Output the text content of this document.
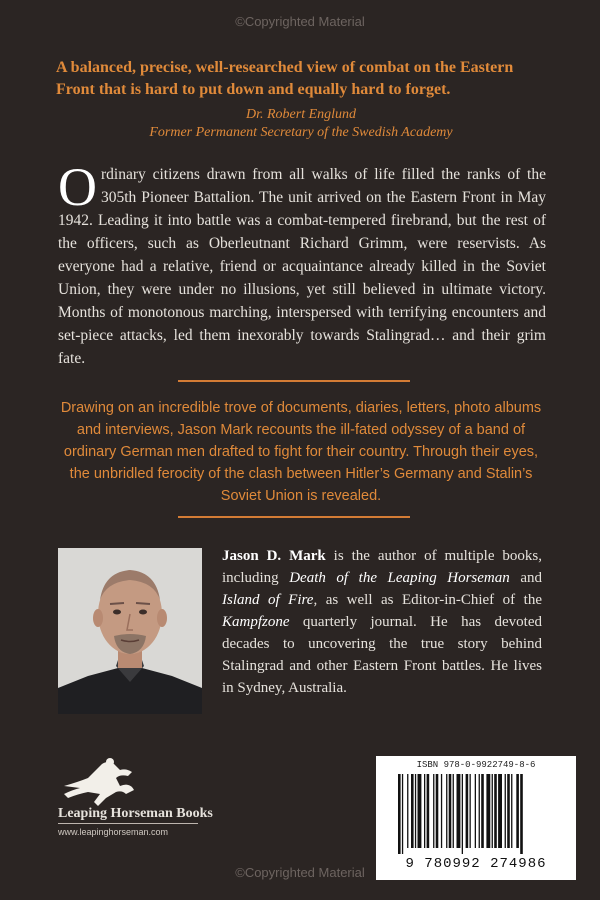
©Copyrighted Material
A balanced, precise, well-researched view of combat on the Eastern Front that is hard to put down and equally hard to forget.
Dr. Robert Englund
Former Permanent Secretary of the Swedish Academy

Ordinary citizens drawn from all walks of life filled the ranks of the 305th Pioneer Battalion. The unit arrived on the Eastern Front in May 1942. Leading it into battle was a combat-tempered firebrand, but the rest of the officers, such as Oberleutnant Richard Grimm, were reservists. As everyone had a relative, friend or acquaintance already killed in the Soviet Union, they were under no illusions, yet still believed in ultimate victory. Months of monotonous marching, interspersed with terrifying encounters and set-piece attacks, led them inexorably towards Stalingrad… and their grim fate.

Drawing on an incredible trove of documents, diaries, letters, photo albums and interviews, Jason Mark recounts the ill-fated odyssey of a band of ordinary German men drafted to fight for their country. Through their eyes, the unbridled ferocity of the clash between Hitler’s Germany and Stalin’s Soviet Union is revealed.

Jason D. Mark is the author of multiple books, including Death of the Leaping Horseman and Island of Fire, as well as Editor-in-Chief of the Kampfzone quarterly journal. He has devoted decades to uncovering the true story behind Stalingrad and other Eastern Front battles. He lives in Sydney, Australia.

Leaping Horseman Books
www.leapinghorseman.com
ISBN 978-0-9922749-8-6
9 780992 274986
©Copyrighted Material
